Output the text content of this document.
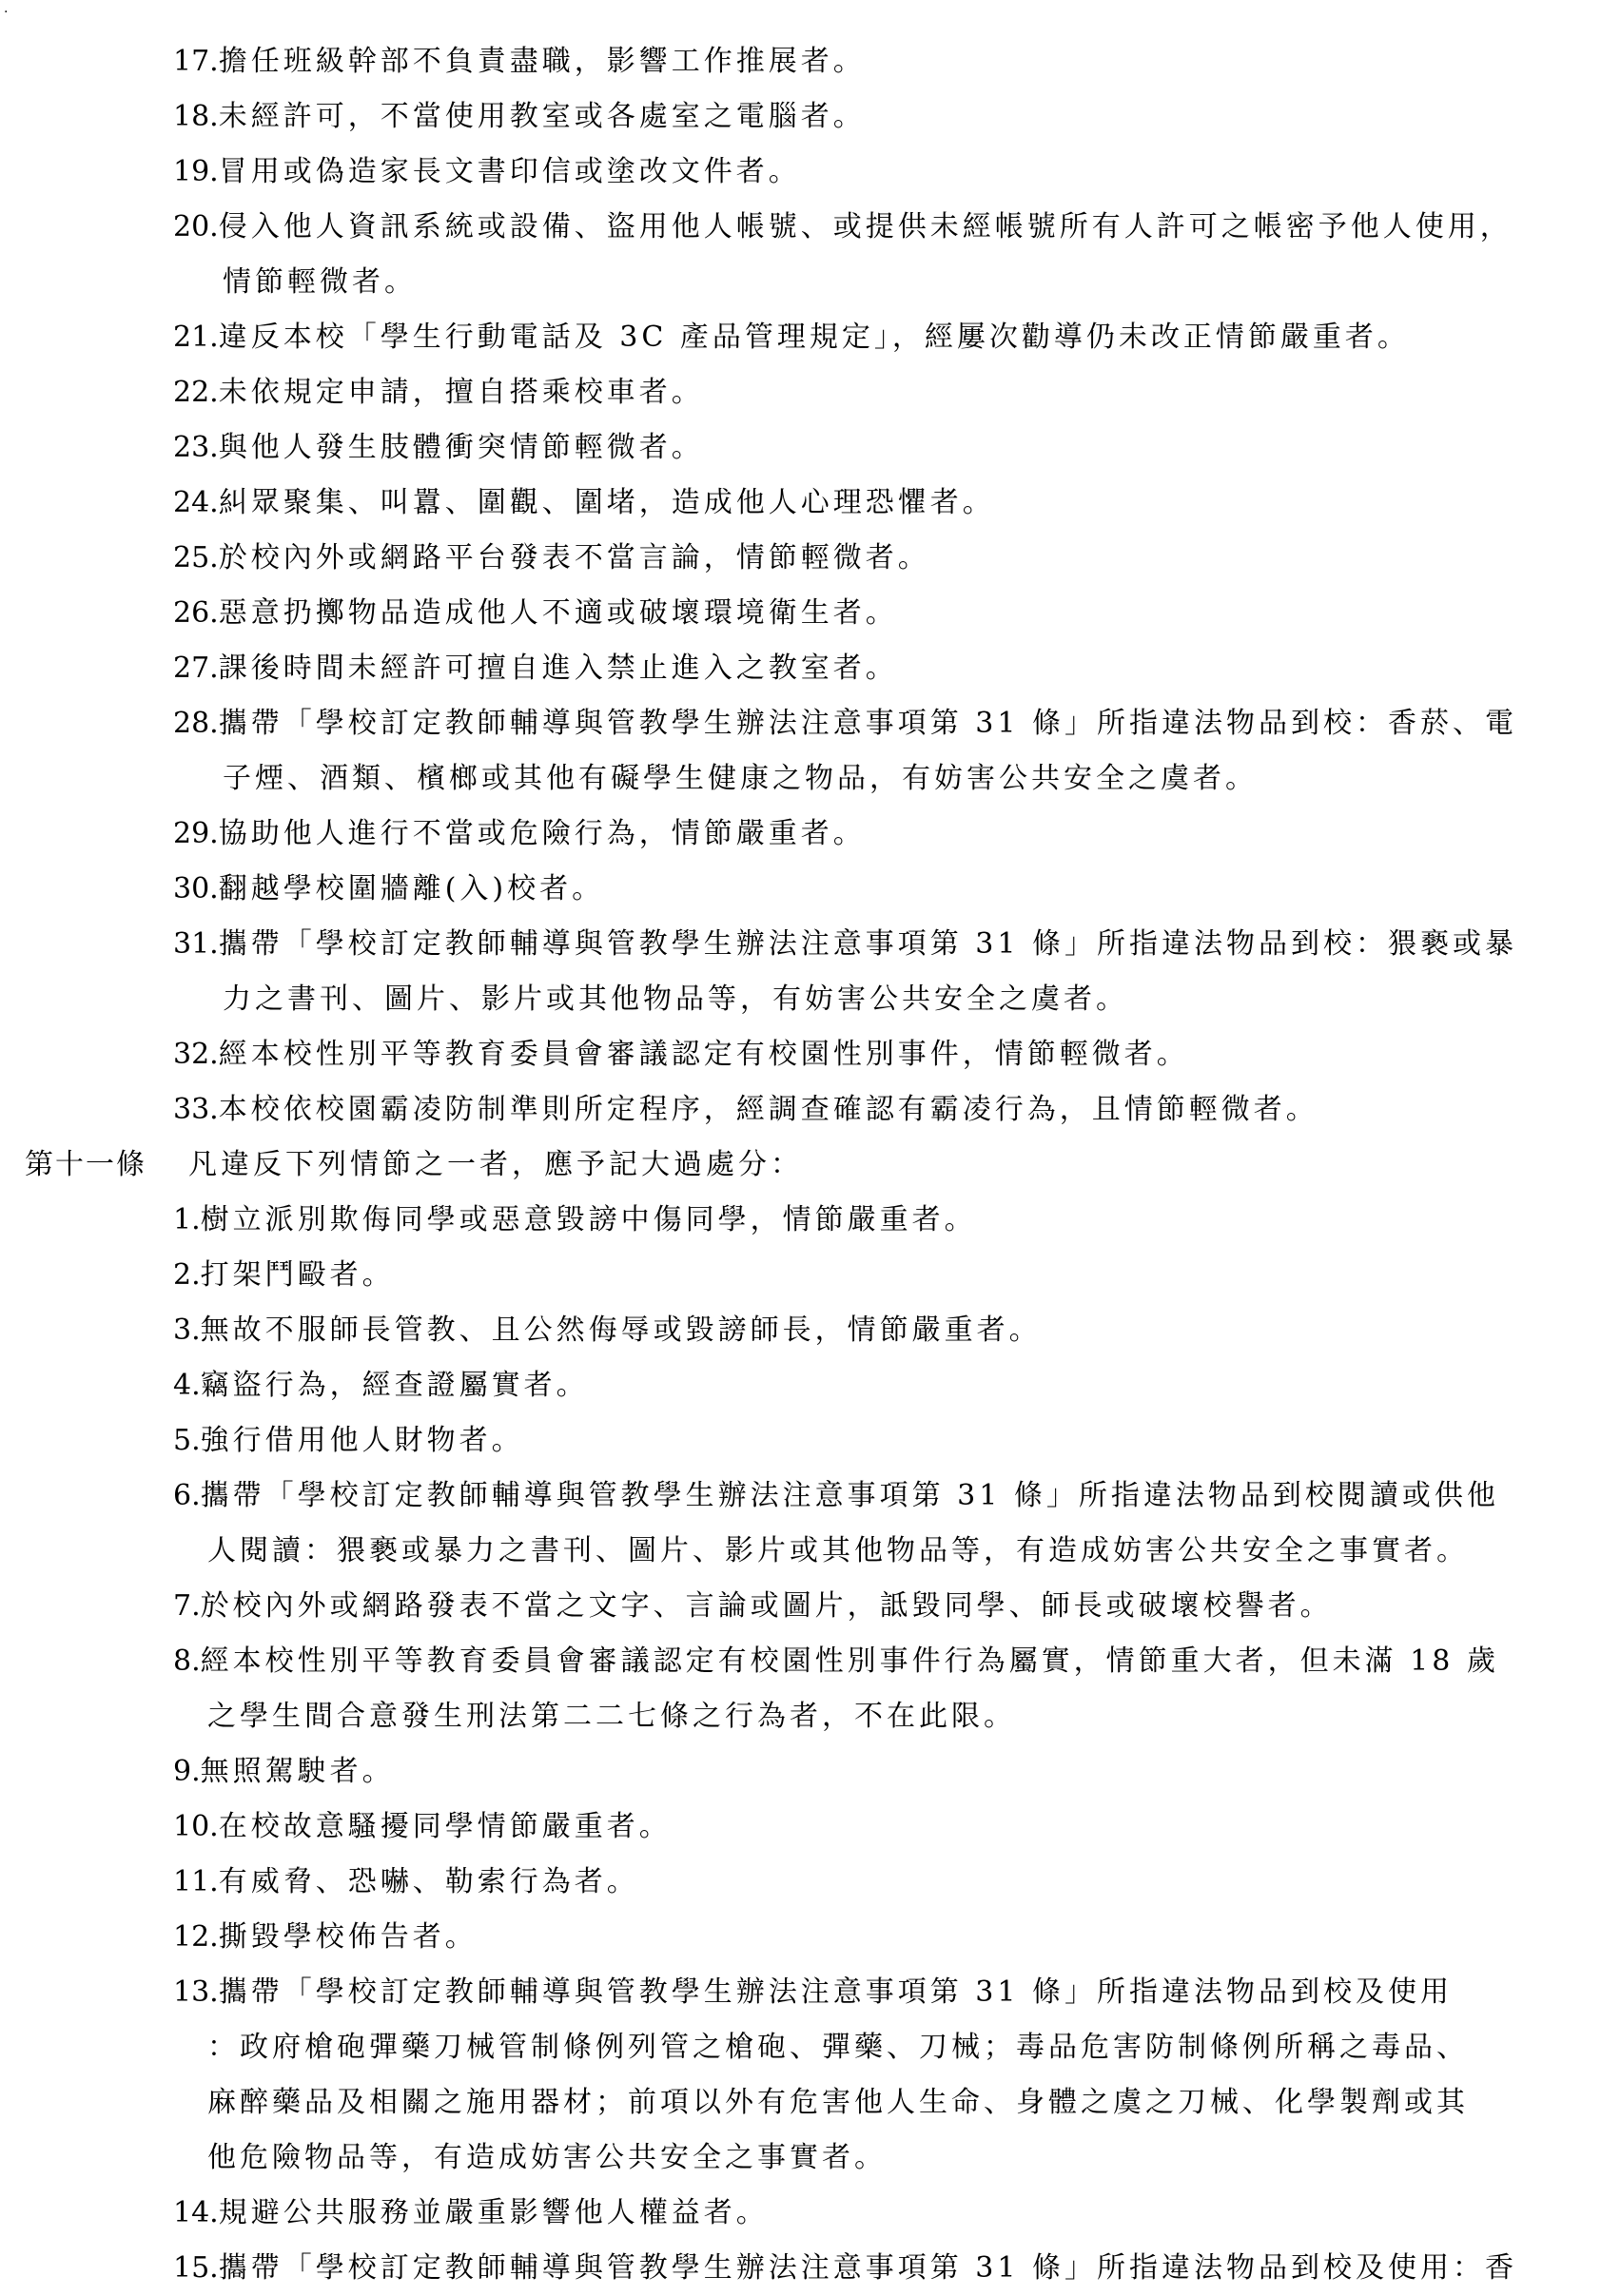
.
17.擔任班級幹部不負責盡職，影響工作推展者。
18.未經許可，不當使用教室或各處室之電腦者。
19.冒用或偽造家長文書印信或塗改文件者。
20.侵入他人資訊系統或設備、盜用他人帳號、或提供未經帳號所有人許可之帳密予他人使用，
情節輕微者。
21.違反本校「學生行動電話及 3C 產品管理規定」，經屢次勸導仍未改正情節嚴重者。
22.未依規定申請，擅自搭乘校車者。
23.與他人發生肢體衝突情節輕微者。
24.糾眾聚集、叫囂、圍觀、圍堵，造成他人心理恐懼者。
25.於校內外或網路平台發表不當言論，情節輕微者。
26.惡意扔擲物品造成他人不適或破壞環境衛生者。
27.課後時間未經許可擅自進入禁止進入之教室者。
28.攜帶「學校訂定教師輔導與管教學生辦法注意事項第 31 條」所指違法物品到校：香菸、電
子煙、酒類、檳榔或其他有礙學生健康之物品，有妨害公共安全之虞者。
29.協助他人進行不當或危險行為，情節嚴重者。
30.翻越學校圍牆離(入)校者。
31.攜帶「學校訂定教師輔導與管教學生辦法注意事項第 31 條」所指違法物品到校：猥褻或暴
力之書刊、圖片、影片或其他物品等，有妨害公共安全之虞者。
32.經本校性別平等教育委員會審議認定有校園性別事件，情節輕微者。
33.本校依校園霸凌防制準則所定程序，經調查確認有霸凌行為，且情節輕微者。
第十一條 凡違反下列情節之一者，應予記大過處分：
1.樹立派別欺侮同學或惡意毀謗中傷同學，情節嚴重者。
2.打架鬥毆者。
3.無故不服師長管教、且公然侮辱或毀謗師長，情節嚴重者。
4.竊盜行為，經查證屬實者。
5.強行借用他人財物者。
6.攜帶「學校訂定教師輔導與管教學生辦法注意事項第 31 條」所指違法物品到校閱讀或供他
人閱讀：猥褻或暴力之書刊、圖片、影片或其他物品等，有造成妨害公共安全之事實者。
7.於校內外或網路發表不當之文字、言論或圖片，詆毀同學、師長或破壞校譽者。
8.經本校性別平等教育委員會審議認定有校園性別事件行為屬實，情節重大者，但未滿 18 歲
之學生間合意發生刑法第二二七條之行為者，不在此限。
9.無照駕駛者。
10.在校故意騷擾同學情節嚴重者。
11.有威脅、恐嚇、勒索行為者。
12.撕毀學校佈告者。
13.攜帶「學校訂定教師輔導與管教學生辦法注意事項第 31 條」所指違法物品到校及使用
：政府槍砲彈藥刀械管制條例列管之槍砲、彈藥、刀械；毒品危害防制條例所稱之毒品、
麻醉藥品及相關之施用器材；前項以外有危害他人生命、身體之虞之刀械、化學製劑或其
他危險物品等，有造成妨害公共安全之事實者。
14.規避公共服務並嚴重影響他人權益者。
15.攜帶「學校訂定教師輔導與管教學生辦法注意事項第 31 條」所指違法物品到校及使用：香
